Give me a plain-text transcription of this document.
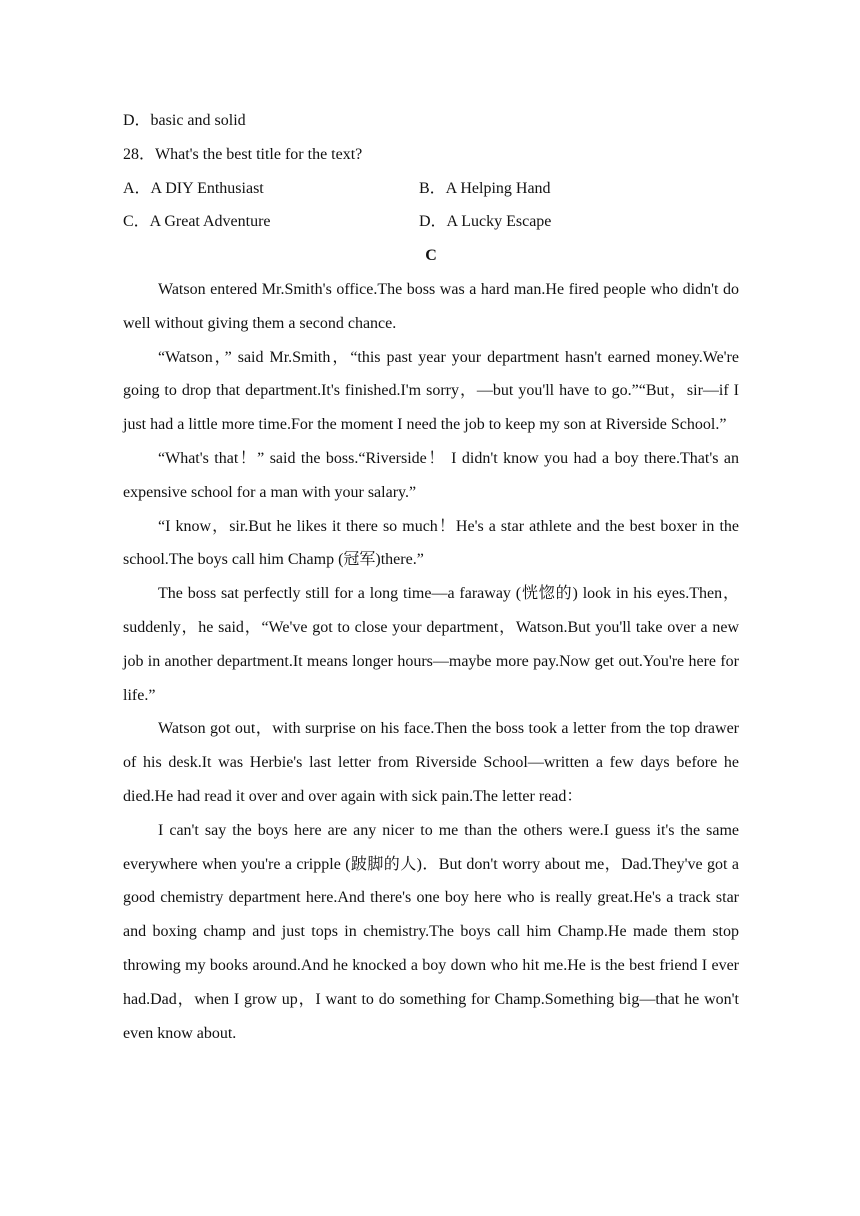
D．basic and solid

28．What's the best title for the text?

A．A DIY Enthusiast	B．A Helping Hand
C．A Great Adventure	D．A Lucky Escape

C

Watson entered Mr.Smith's office.The boss was a hard man.He fired people who didn't do well without giving them a second chance.

“Watson，” said Mr.Smith，“this past year your department hasn't earned money.We're going to drop that department.It's finished.I'm sorry，—but you'll have to go.”“But，sir—if I just had a little more time.For the moment I need the job to keep my son at Riverside School.”

“What's that！” said the boss.“Riverside！ I didn't know you had a boy there.That's an expensive school for a man with your salary.”

“I know，sir.But he likes it there so much！He's a star athlete and the best boxer in the school.The boys call him Champ (冠军)there.”

The boss sat perfectly still for a long time—a faraway (恍惚的) look in his eyes.Then，suddenly，he said，“We've got to close your department，Watson.But you'll take over a new job in another department.It means longer hours—maybe more pay.Now get out.You're here for life.”

Watson got out，with surprise on his face.Then the boss took a letter from the top drawer of his desk.It was Herbie's last letter from Riverside School—written a few days before he died.He had read it over and over again with sick pain.The letter read：

I can't say the boys here are any nicer to me than the others were.I guess it's the same everywhere when you're a cripple (跛脚的人)．But don't worry about me，Dad.They've got a good chemistry department here.And there's one boy here who is really great.He's a track star and boxing champ and just tops in chemistry.The boys call him Champ.He made them stop throwing my books around.And he knocked a boy down who hit me.He is the best friend I ever had.Dad，when I grow up，I want to do something for Champ.Something big—that he won't even know about.
